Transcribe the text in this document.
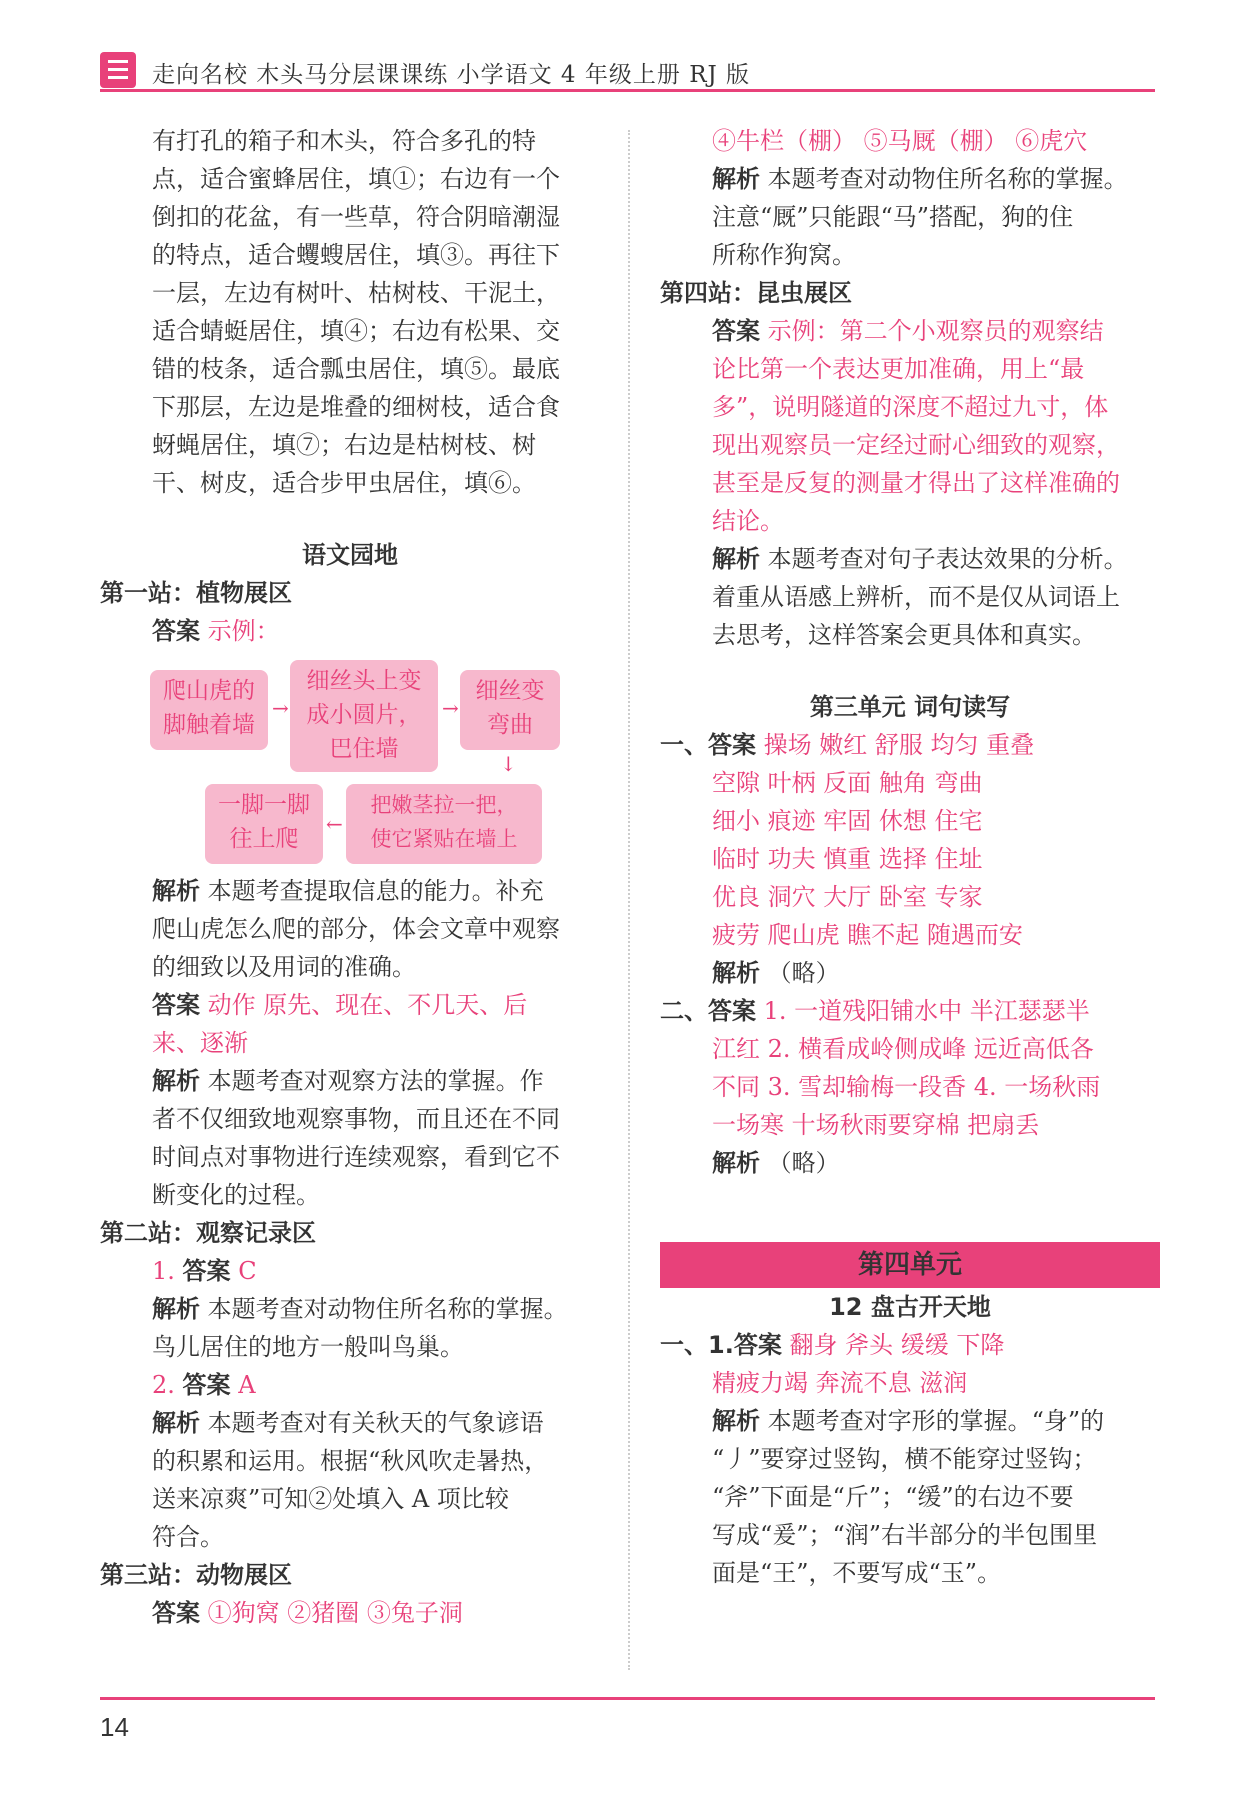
走向名校 木头马分层课课练 小学语文 4 年级上册 RJ 版
有打孔的箱子和木头，符合多孔的特
点，适合蜜蜂居住，填①；右边有一个
倒扣的花盆，有一些草，符合阴暗潮湿
的特点，适合蠼螋居住，填③。再往下
一层，左边有树叶、枯树枝、干泥土，
适合蜻蜓居住，填④；右边有松果、交
错的枝条，适合瓢虫居住，填⑤。最底
下那层，左边是堆叠的细树枝，适合食
蚜蝇居住，填⑦；右边是枯树枝、树
干、树皮，适合步甲虫居住，填⑥。
语文园地
第一站：植物展区
答案 示例：
爬山虎的
脚触着墙
→
细丝头上变
成小圆片，
巴住墙
→
细丝变
弯曲
↓
一脚一脚
往上爬
←
把嫩茎拉一把，
使它紧贴在墙上
解析 本题考查提取信息的能力。补充
爬山虎怎么爬的部分，体会文章中观察
的细致以及用词的准确。
答案 动作 原先、现在、不几天、后
来、逐渐
解析 本题考查对观察方法的掌握。作
者不仅细致地观察事物，而且还在不同
时间点对事物进行连续观察，看到它不
断变化的过程。
第二站：观察记录区
1. 答案 C
解析 本题考查对动物住所名称的掌握。
鸟儿居住的地方一般叫鸟巢。
2. 答案 A
解析 本题考查对有关秋天的气象谚语
的积累和运用。根据“秋风吹走暑热，
送来凉爽”可知②处填入 A 项比较
符合。
第三站：动物展区
答案 ①狗窝 ②猪圈 ③兔子洞
④牛栏（棚） ⑤马厩（棚） ⑥虎穴
解析 本题考查对动物住所名称的掌握。
注意“厩”只能跟“马”搭配，狗的住
所称作狗窝。
第四站：昆虫展区
答案 示例：第二个小观察员的观察结
论比第一个表达更加准确，用上“最
多”，说明隧道的深度不超过九寸，体
现出观察员一定经过耐心细致的观察，
甚至是反复的测量才得出了这样准确的
结论。
解析 本题考查对句子表达效果的分析。
着重从语感上辨析，而不是仅从词语上
去思考，这样答案会更具体和真实。
第三单元 词句读写
一、答案 操场 嫩红 舒服 均匀 重叠
空隙 叶柄 反面 触角 弯曲
细小 痕迹 牢固 休想 住宅
临时 功夫 慎重 选择 住址
优良 洞穴 大厅 卧室 专家
疲劳 爬山虎 瞧不起 随遇而安
解析 （略）
二、答案 1. 一道残阳铺水中 半江瑟瑟半
江红 2. 横看成岭侧成峰 远近高低各
不同 3. 雪却输梅一段香 4. 一场秋雨
一场寒 十场秋雨要穿棉 把扇丢
解析 （略）
第四单元
12 盘古开天地
一、1.答案 翻身 斧头 缓缓 下降
精疲力竭 奔流不息 滋润
解析 本题考查对字形的掌握。“身”的
“丿”要穿过竖钩，横不能穿过竖钩；
“斧”下面是“斤”；“缓”的右边不要
写成“爰”；“润”右半部分的半包围里
面是“王”，不要写成“玉”。
14
